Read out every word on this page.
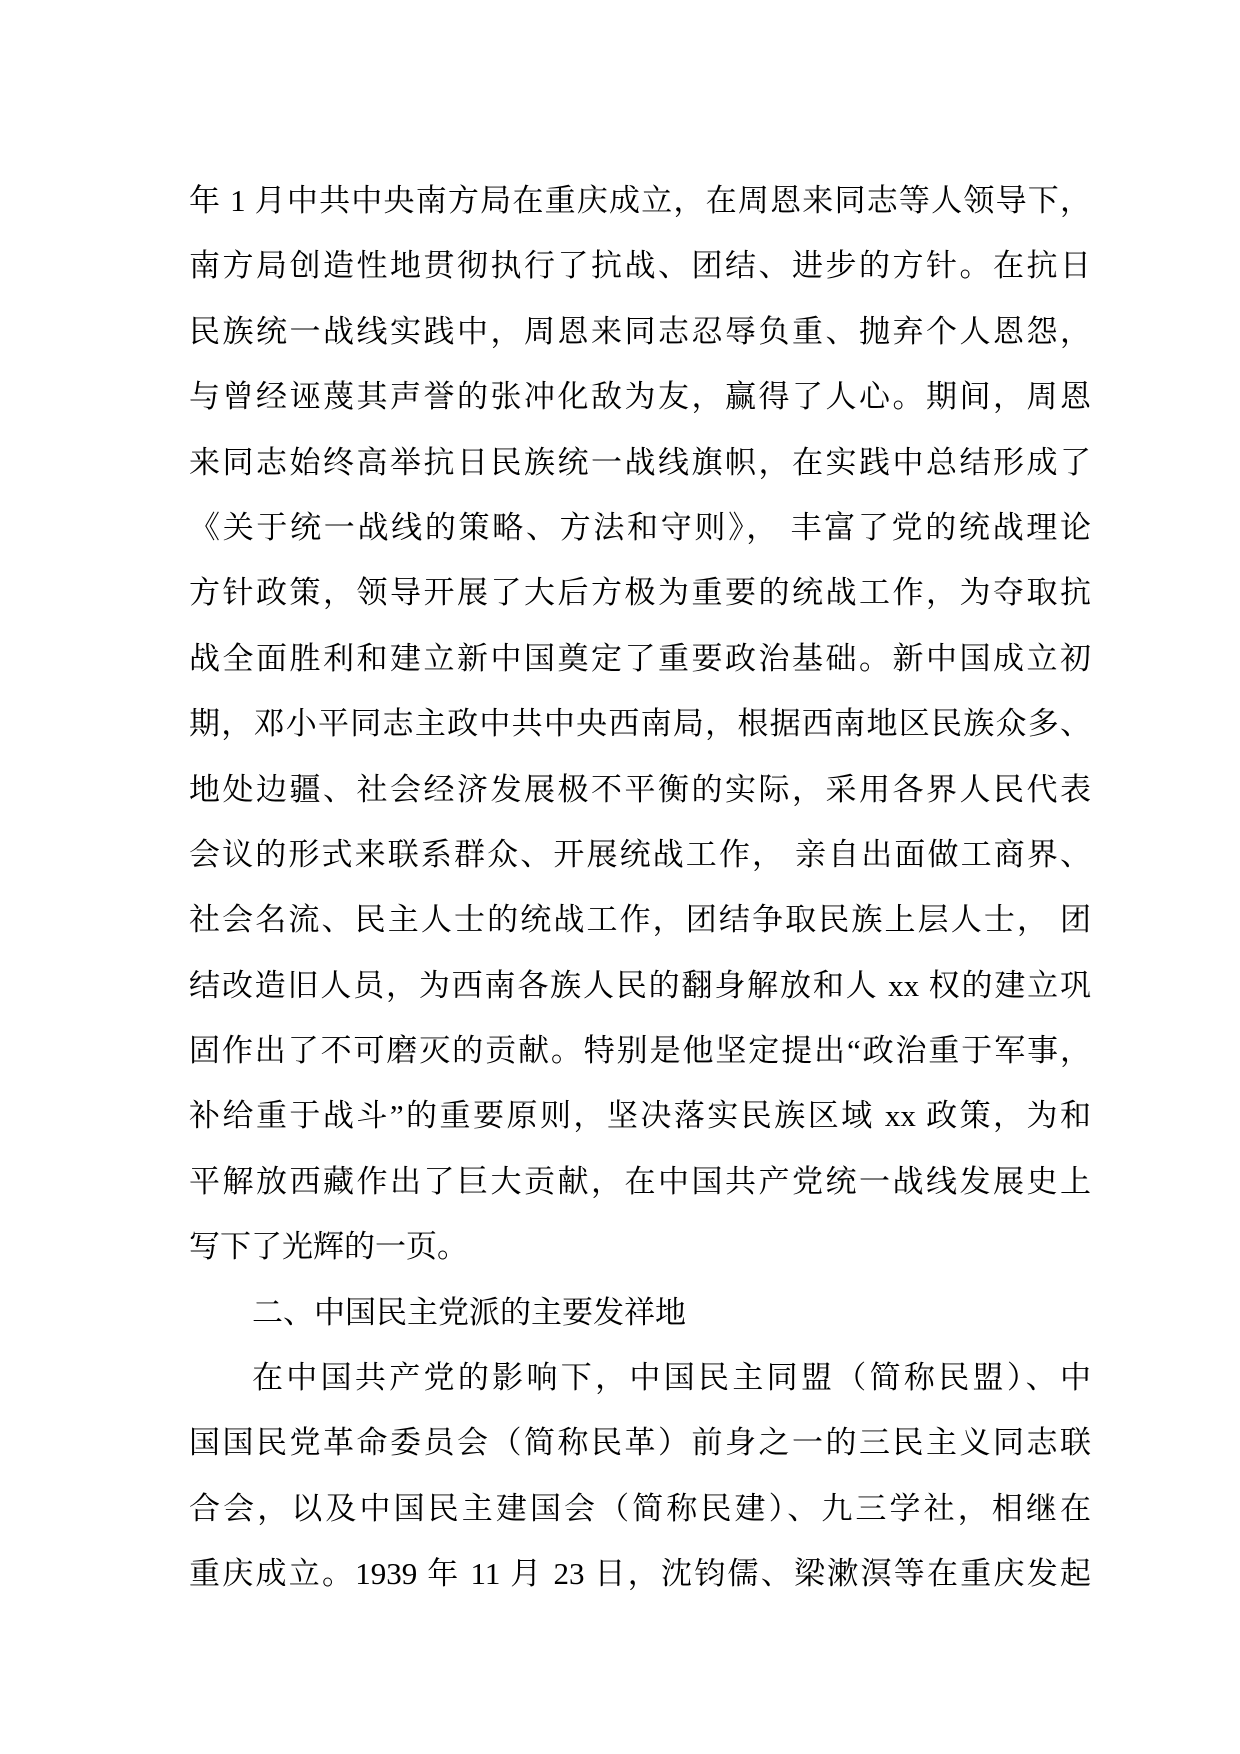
年 1 月中共中央南方局在重庆成立，在周恩来同志等人领导下，
南方局创造性地贯彻执行了抗战、团结、进步的方针。在抗日
民族统一战线实践中，周恩来同志忍辱负重、抛弃个人恩怨，
与曾经诬蔑其声誉的张冲化敌为友，赢得了人心。期间，周恩
来同志始终高举抗日民族统一战线旗帜，在实践中总结形成了
《关于统一战线的策略、方法和守则》， 丰富了党的统战理论
方针政策，领导开展了大后方极为重要的统战工作，为夺取抗
战全面胜利和建立新中国奠定了重要政治基础。新中国成立初
期，邓小平同志主政中共中央西南局，根据西南地区民族众多、
地处边疆、社会经济发展极不平衡的实际，采用各界人民代表
会议的形式来联系群众、开展统战工作， 亲自出面做工商界、
社会名流、民主人士的统战工作，团结争取民族上层人士， 团
结改造旧人员，为西南各族人民的翻身解放和人 xx 权的建立巩
固作出了不可磨灭的贡献。特别是他坚定提出“政治重于军事，
补给重于战斗”的重要原则，坚决落实民族区域 xx 政策，为和
平解放西藏作出了巨大贡献，在中国共产党统一战线发展史上
写下了光辉的一页。
二、中国民主党派的主要发祥地
在中国共产党的影响下，中国民主同盟（简称民盟）、中
国国民党革命委员会（简称民革）前身之一的三民主义同志联
合会，以及中国民主建国会（简称民建）、九三学社，相继在
重庆成立。1939 年 11 月 23 日，沈钧儒、梁漱溟等在重庆发起
